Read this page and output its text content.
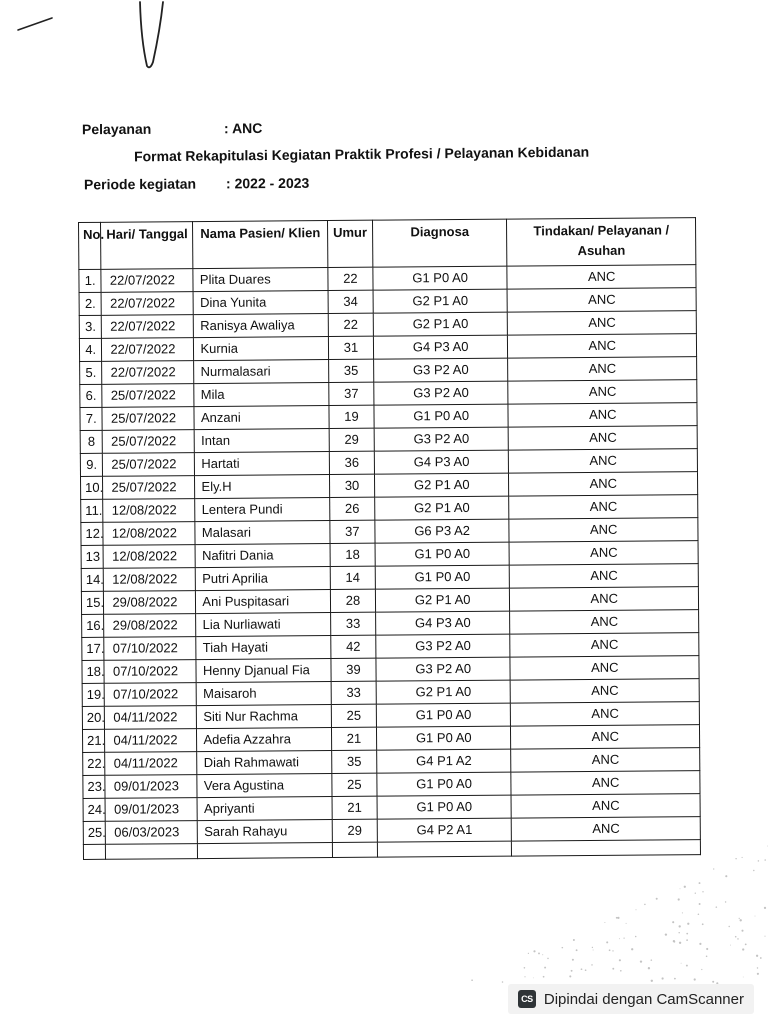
Pelayanan	: ANC
Format Rekapitulasi Kegiatan Praktik Profesi / Pelayanan Kebidanan
Periode kegiatan : 2022 - 2023
No.	Hari/ Tanggal	Nama Pasien/ Klien	Umur	Diagnosa	Tindakan/ Pelayanan / Asuhan
1.	22/07/2022	Plita Duares	22	G1 P0 A0	ANC
2.	22/07/2022	Dina Yunita	34	G2 P1 A0	ANC
3.	22/07/2022	Ranisya Awaliya	22	G2 P1 A0	ANC
4.	22/07/2022	Kurnia	31	G4 P3 A0	ANC
5.	22/07/2022	Nurmalasari	35	G3 P2 A0	ANC
6.	25/07/2022	Mila	37	G3 P2 A0	ANC
7.	25/07/2022	Anzani	19	G1 P0 A0	ANC
8	25/07/2022	Intan	29	G3 P2 A0	ANC
9.	25/07/2022	Hartati	36	G4 P3 A0	ANC
10.	25/07/2022	Ely.H	30	G2 P1 A0	ANC
11.	12/08/2022	Lentera Pundi	26	G2 P1 A0	ANC
12.	12/08/2022	Malasari	37	G6 P3 A2	ANC
13	12/08/2022	Nafitri Dania	18	G1 P0 A0	ANC
14.	12/08/2022	Putri Aprilia	14	G1 P0 A0	ANC
15.	29/08/2022	Ani Puspitasari	28	G2 P1 A0	ANC
16.	29/08/2022	Lia Nurliawati	33	G4 P3 A0	ANC
17.	07/10/2022	Tiah Hayati	42	G3 P2 A0	ANC
18.	07/10/2022	Henny Djanual Fia	39	G3 P2 A0	ANC
19.	07/10/2022	Maisaroh	33	G2 P1 A0	ANC
20.	04/11/2022	Siti Nur Rachma	25	G1 P0 A0	ANC
21.	04/11/2022	Adefia Azzahra	21	G1 P0 A0	ANC
22.	04/11/2022	Diah Rahmawati	35	G4 P1 A2	ANC
23.	09/01/2023	Vera Agustina	25	G1 P0 A0	ANC
24.	09/01/2023	Apriyanti	21	G1 P0 A0	ANC
25.	06/03/2023	Sarah Rahayu	29	G4 P2 A1	ANC

CS Dipindai dengan CamScanner
